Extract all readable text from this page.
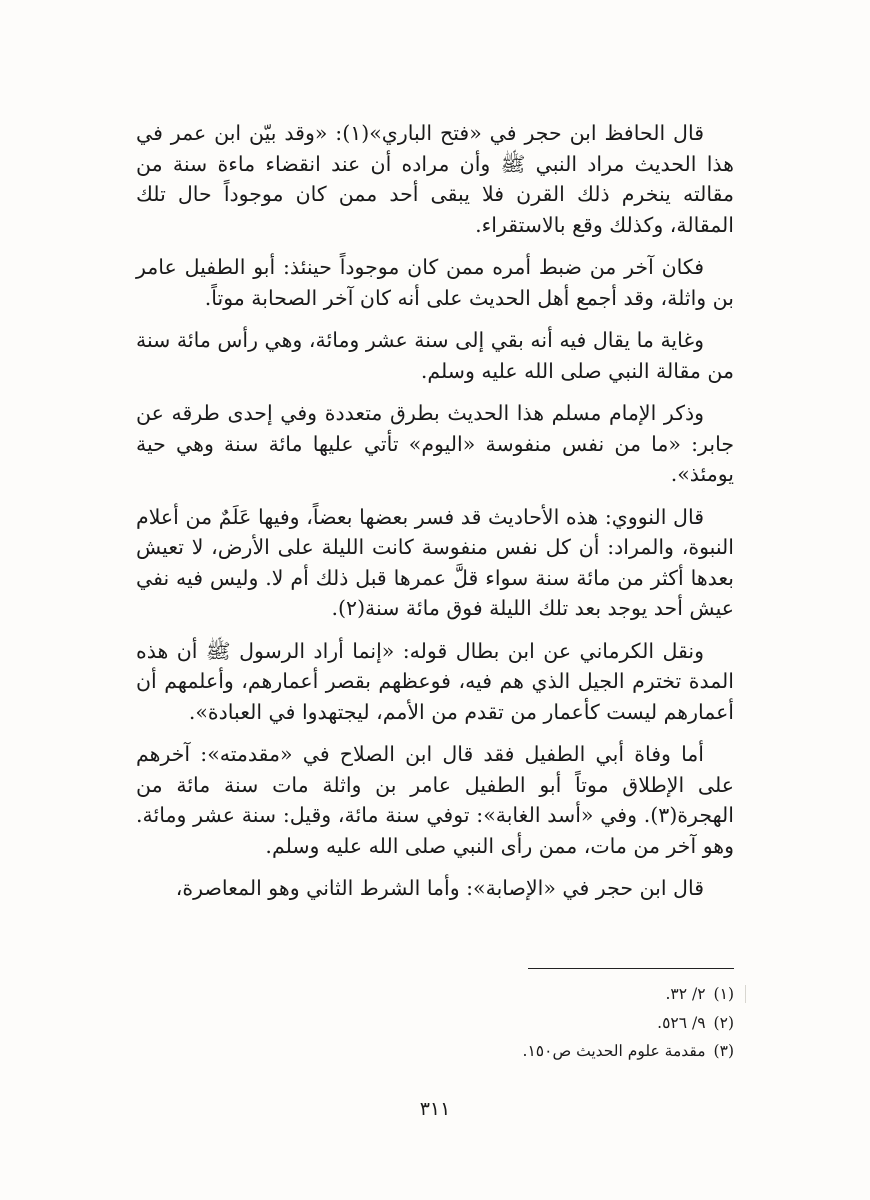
قال الحافظ ابن حجر في «فتح الباري»(١): «وقد بيّن ابن عمر في هذا الحديث مراد النبي ﷺ وأن مراده أن عند انقضاء ماءة سنة من مقالته ينخرم ذلك القرن فلا يبقى أحد ممن كان موجوداً حال تلك المقالة، وكذلك وقع بالاستقراء.

فكان آخر من ضبط أمره ممن كان موجوداً حينئذ: أبو الطفيل عامر بن واثلة، وقد أجمع أهل الحديث على أنه كان آخر الصحابة موتاً.

وغاية ما يقال فيه أنه بقي إلى سنة عشر ومائة، وهي رأس مائة سنة من مقالة النبي صلى الله عليه وسلم.

وذكر الإمام مسلم هذا الحديث بطرق متعددة وفي إحدى طرقه عن جابر: «ما من نفس منفوسة «اليوم» تأتي عليها مائة سنة وهي حية يومئذ».

قال النووي: هذه الأحاديث قد فسر بعضها بعضاً، وفيها عَلَمٌ من أعلام النبوة، والمراد: أن كل نفس منفوسة كانت الليلة على الأرض، لا تعيش بعدها أكثر من مائة سنة سواء قلَّ عمرها قبل ذلك أم لا. وليس فيه نفي عيش أحد يوجد بعد تلك الليلة فوق مائة سنة(٢).

ونقل الكرماني عن ابن بطال قوله: «إنما أراد الرسول ﷺ أن هذه المدة تخترم الجيل الذي هم فيه، فوعظهم بقصر أعمارهم، وأعلمهم أن أعمارهم ليست كأعمار من تقدم من الأمم، ليجتهدوا في العبادة».

أما وفاة أبي الطفيل فقد قال ابن الصلاح في «مقدمته»: آخرهم على الإطلاق موتاً أبو الطفيل عامر بن واثلة مات سنة مائة من الهجرة(٣). وفي «أسد الغابة»: توفي سنة مائة، وقيل: سنة عشر ومائة. وهو آخر من مات، ممن رأى النبي صلى الله عليه وسلم.

قال ابن حجر في «الإصابة»: وأما الشرط الثاني وهو المعاصرة،

(١)٢/ ٣٢.
(٢)٩/ ٥٢٦.
(٣)مقدمة علوم الحديث ص١٥٠.
٣١١
